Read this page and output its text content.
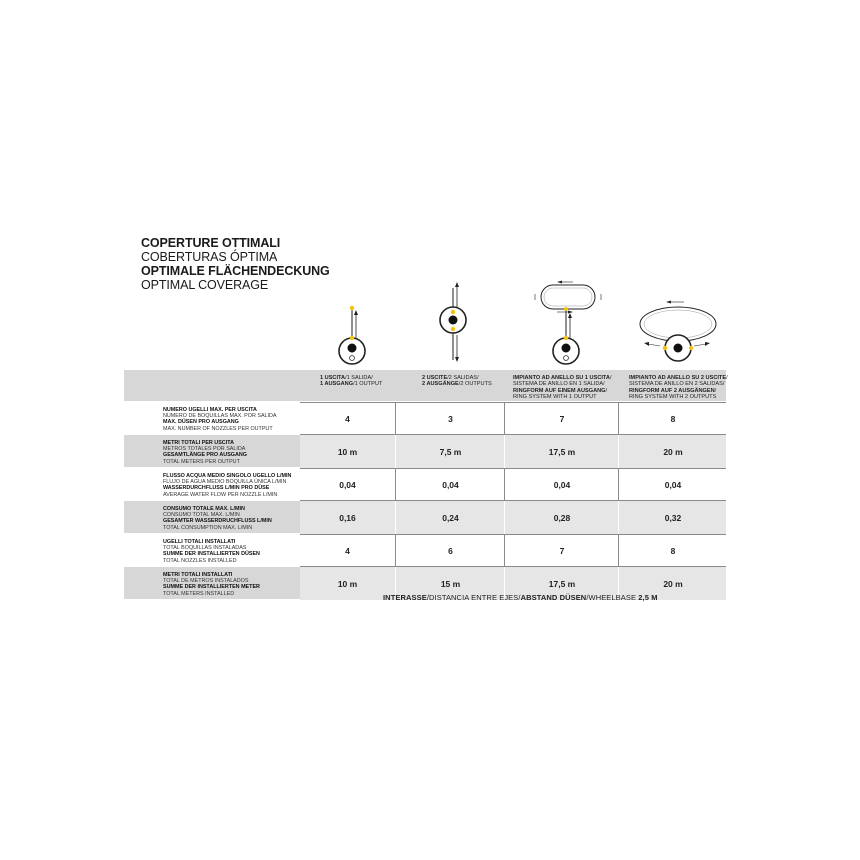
COPERTURE OTTIMALI
COBERTURAS ÓPTIMA
OPTIMALE FLÄCHENDECKUNG
OPTIMAL COVERAGE
1 USCITA/1 SALIDA/
1 AUSGANG/1 OUTPUT
2 USCITE/2 SALIDAS/
2 AUSGÄNGE/2 OUTPUTS
IMPIANTO AD ANELLO SU 1 USCITA/
SISTEMA DE ANILLO EN 1 SALIDA/
RINGFORM AUF EINEM AUSGANG/
RING SYSTEM WITH 1 OUTPUT
IMPIANTO AD ANELLO SU 2 USCITE/
SISTEMA DE ANILLO EN 2 SALIDAS/
RINGFORM AUF 2 AUSGÄNGEN/
RING SYSTEM WITH 2 OUTPUTS
NUMERO UGELLI MAX. PER USCITA
NUMERO DE BOQUILLAS MAX. POR SALIDA
MAX. DÜSEN PRO AUSGANG
MAX. NUMBER OF NOZZLES PER OUTPUT
4	3	7	8
METRI TOTALI PER USCITA
METROS TOTALES POR SALIDA
GESAMTLÄNGE PRO AUSGANG
TOTAL METERS PER OUTPUT
10 m	7,5 m	17,5 m	20 m
FLUSSO ACQUA MEDIO SINGOLO UGELLO L/MIN
FLUJO DE AGUA MEDIO BOQUILLA ÚNICA L/MIN
WASSERDURCHFLUSS L/MIN PRO DÜSE
AVERAGE WATER FLOW PER NOZZLE L/MIN
0,04	0,04	0,04	0,04
CONSUMO TOTALE MAX. L/MIN
CONSUMO TOTAL MAX. L/MIN
GESAMTER WASSERDRUCHFLUSS L/MIN
TOTAL CONSUMPTION MAX. L/MIN
0,16	0,24	0,28	0,32
UGELLI TOTALI INSTALLATI
TOTAL BOQUILLAS INSTALADAS
SUMME DER INSTALLIERTEN DÜSEN
TOTAL NOZZLES INSTALLED
4	6	7	8
METRI TOTALI INSTALLATI
TOTAL DE METROS INSTALADOS
SUMME DER INSTALLIERTEN METER
TOTAL METERS INSTALLED
10 m	15 m	17,5 m	20 m
INTERASSE/DISTANCIA ENTRE EJES/ABSTAND DÜSEN/WHEELBASE 2,5 M
